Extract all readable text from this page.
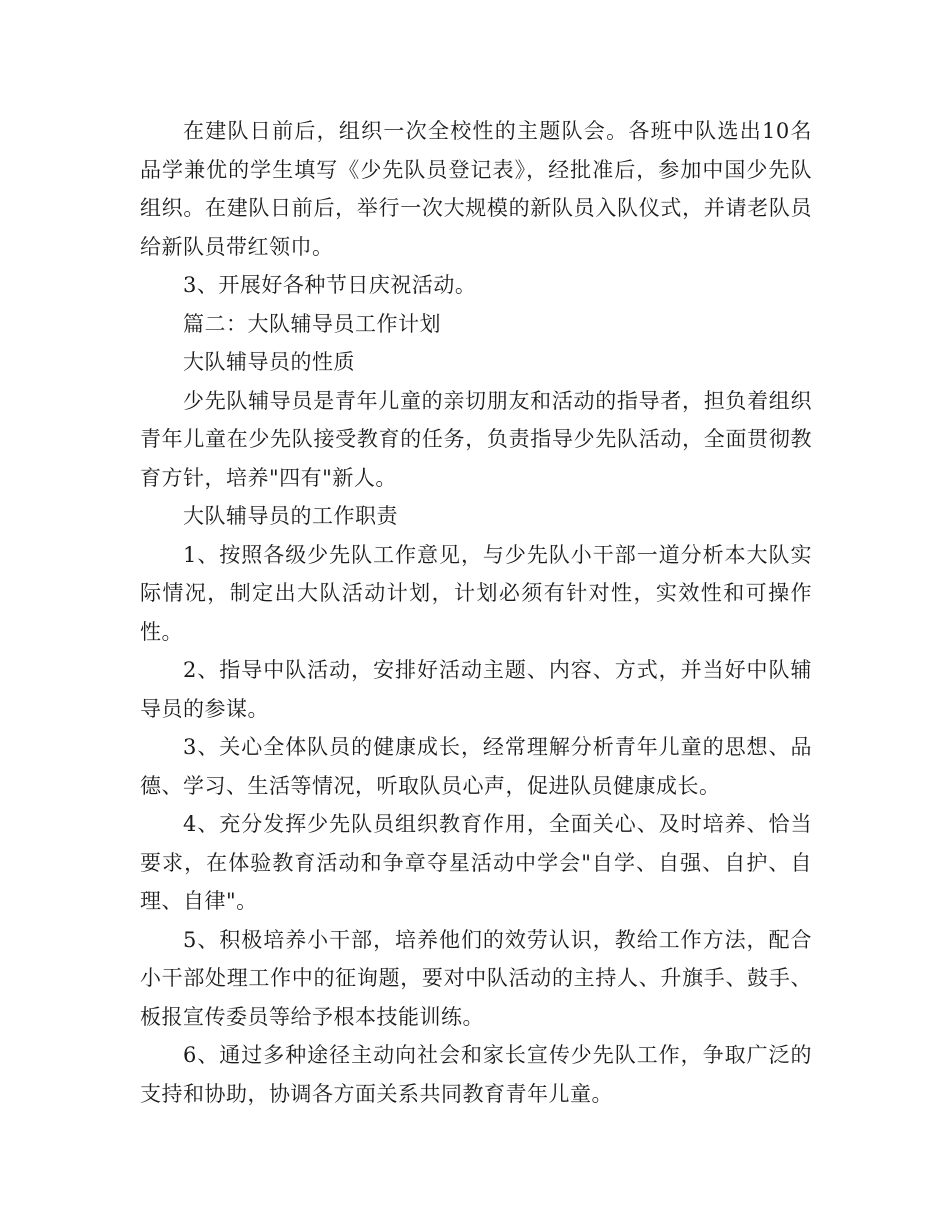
在建队日前后，组织一次全校性的主题队会。各班中队选出10名品学兼优的学生填写《少先队员登记表》，经批准后，参加中国少先队组织。在建队日前后，举行一次大规模的新队员入队仪式，并请老队员给新队员带红领巾。

3、开展好各种节日庆祝活动。

篇二：大队辅导员工作计划

大队辅导员的性质

少先队辅导员是青年儿童的亲切朋友和活动的指导者，担负着组织青年儿童在少先队接受教育的任务，负责指导少先队活动，全面贯彻教育方针，培养"四有"新人。

大队辅导员的工作职责

1、按照各级少先队工作意见，与少先队小干部一道分析本大队实际情况，制定出大队活动计划，计划必须有针对性，实效性和可操作性。

2、指导中队活动，安排好活动主题、内容、方式，并当好中队辅导员的参谋。

3、关心全体队员的健康成长，经常理解分析青年儿童的思想、品德、学习、生活等情况，听取队员心声，促进队员健康成长。

4、充分发挥少先队员组织教育作用，全面关心、及时培养、恰当要求，在体验教育活动和争章夺星活动中学会"自学、自强、自护、自理、自律"。

5、积极培养小干部，培养他们的效劳认识，教给工作方法，配合小干部处理工作中的征询题，要对中队活动的主持人、升旗手、鼓手、板报宣传委员等给予根本技能训练。

6、通过多种途径主动向社会和家长宣传少先队工作，争取广泛的支持和协助，协调各方面关系共同教育青年儿童。
